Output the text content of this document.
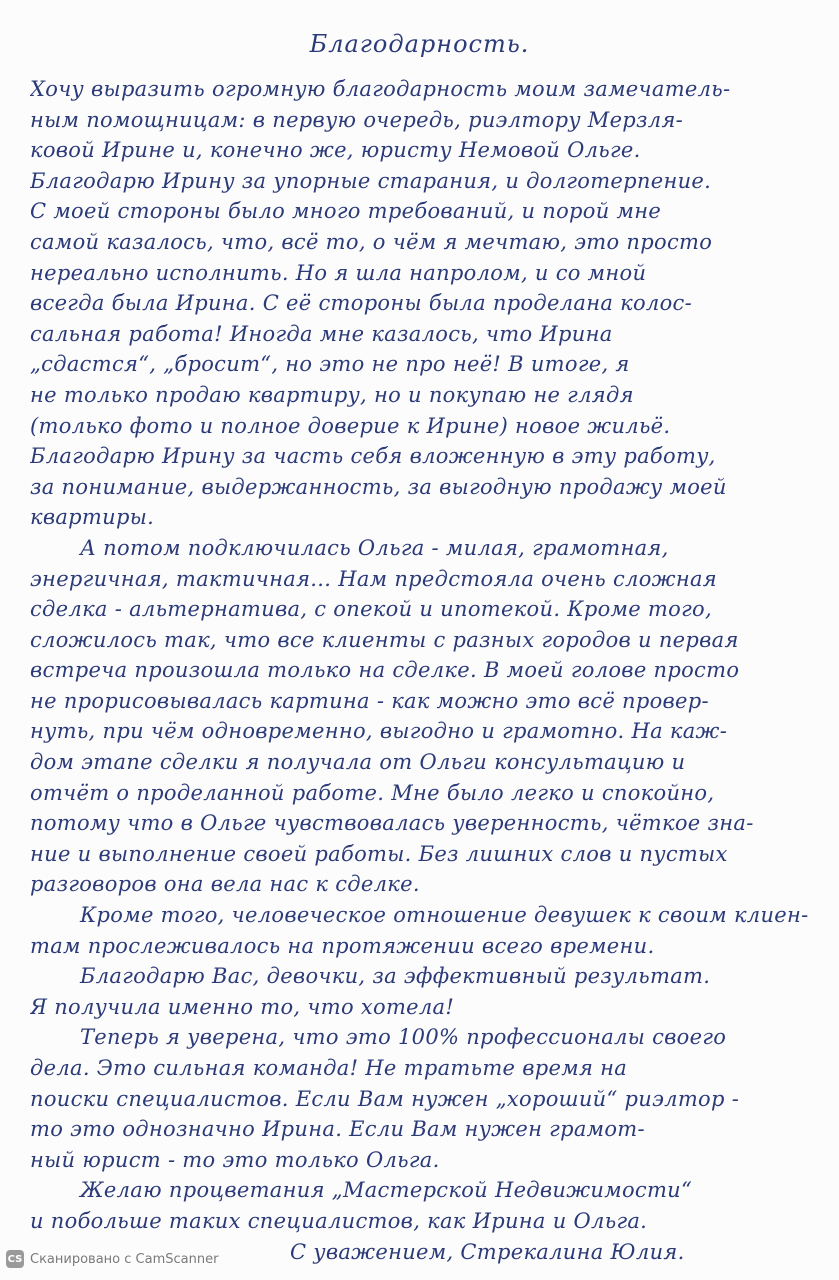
Благодарность.
Хочу выразить огромную благодарность моим замечатель-
ным помощницам: в первую очередь, риэлтору Мерзля-
ковой Ирине и, конечно же, юристу Немовой Ольге.
Благодарю Ирину за упорные старания, и долготерпение.
С моей стороны было много требований, и порой мне
самой казалось, что, всё то, о чём я мечтаю, это просто
нереально исполнить. Но я шла напролом, и со мной
всегда была Ирина. С её стороны была проделана колос-
сальная работа! Иногда мне казалось, что Ирина
„сдастся“, „бросит“, но это не про неё! В итоге, я
не только продаю квартиру, но и покупаю не глядя
(только фото и полное доверие к Ирине) новое жильё.
Благодарю Ирину за часть себя вложенную в эту работу,
за понимание, выдержанность, за выгодную продажу моей
квартиры.
А потом подключилась Ольга - милая, грамотная,
энергичная, тактичная... Нам предстояла очень сложная
сделка - альтернатива, с опекой и ипотекой. Кроме того,
сложилось так, что все клиенты с разных городов и первая
встреча произошла только на сделке. В моей голове просто
не прорисовывалась картина - как можно это всё провер-
нуть, при чём одновременно, выгодно и грамотно. На каж-
дом этапе сделки я получала от Ольги консультацию и
отчёт о проделанной работе. Мне было легко и спокойно,
потому что в Ольге чувствовалась уверенность, чёткое зна-
ние и выполнение своей работы. Без лишних слов и пустых
разговоров она вела нас к сделке.
Кроме того, человеческое отношение девушек к своим клиен-
там прослеживалось на протяжении всего времени.
Благодарю Вас, девочки, за эффективный результат.
Я получила именно то, что хотела!
Теперь я уверена, что это 100% профессионалы своего
дела. Это сильная команда! Не тратьте время на
поиски специалистов. Если Вам нужен „хороший“ риэлтор -
то это однозначно Ирина. Если Вам нужен грамот-
ный юрист - то это только Ольга.
Желаю процветания „Мастерской Недвижимости“
и побольше таких специалистов, как Ирина и Ольга.
С уважением, Стрекалина Юлия.
CS Сканировано с CamScanner
